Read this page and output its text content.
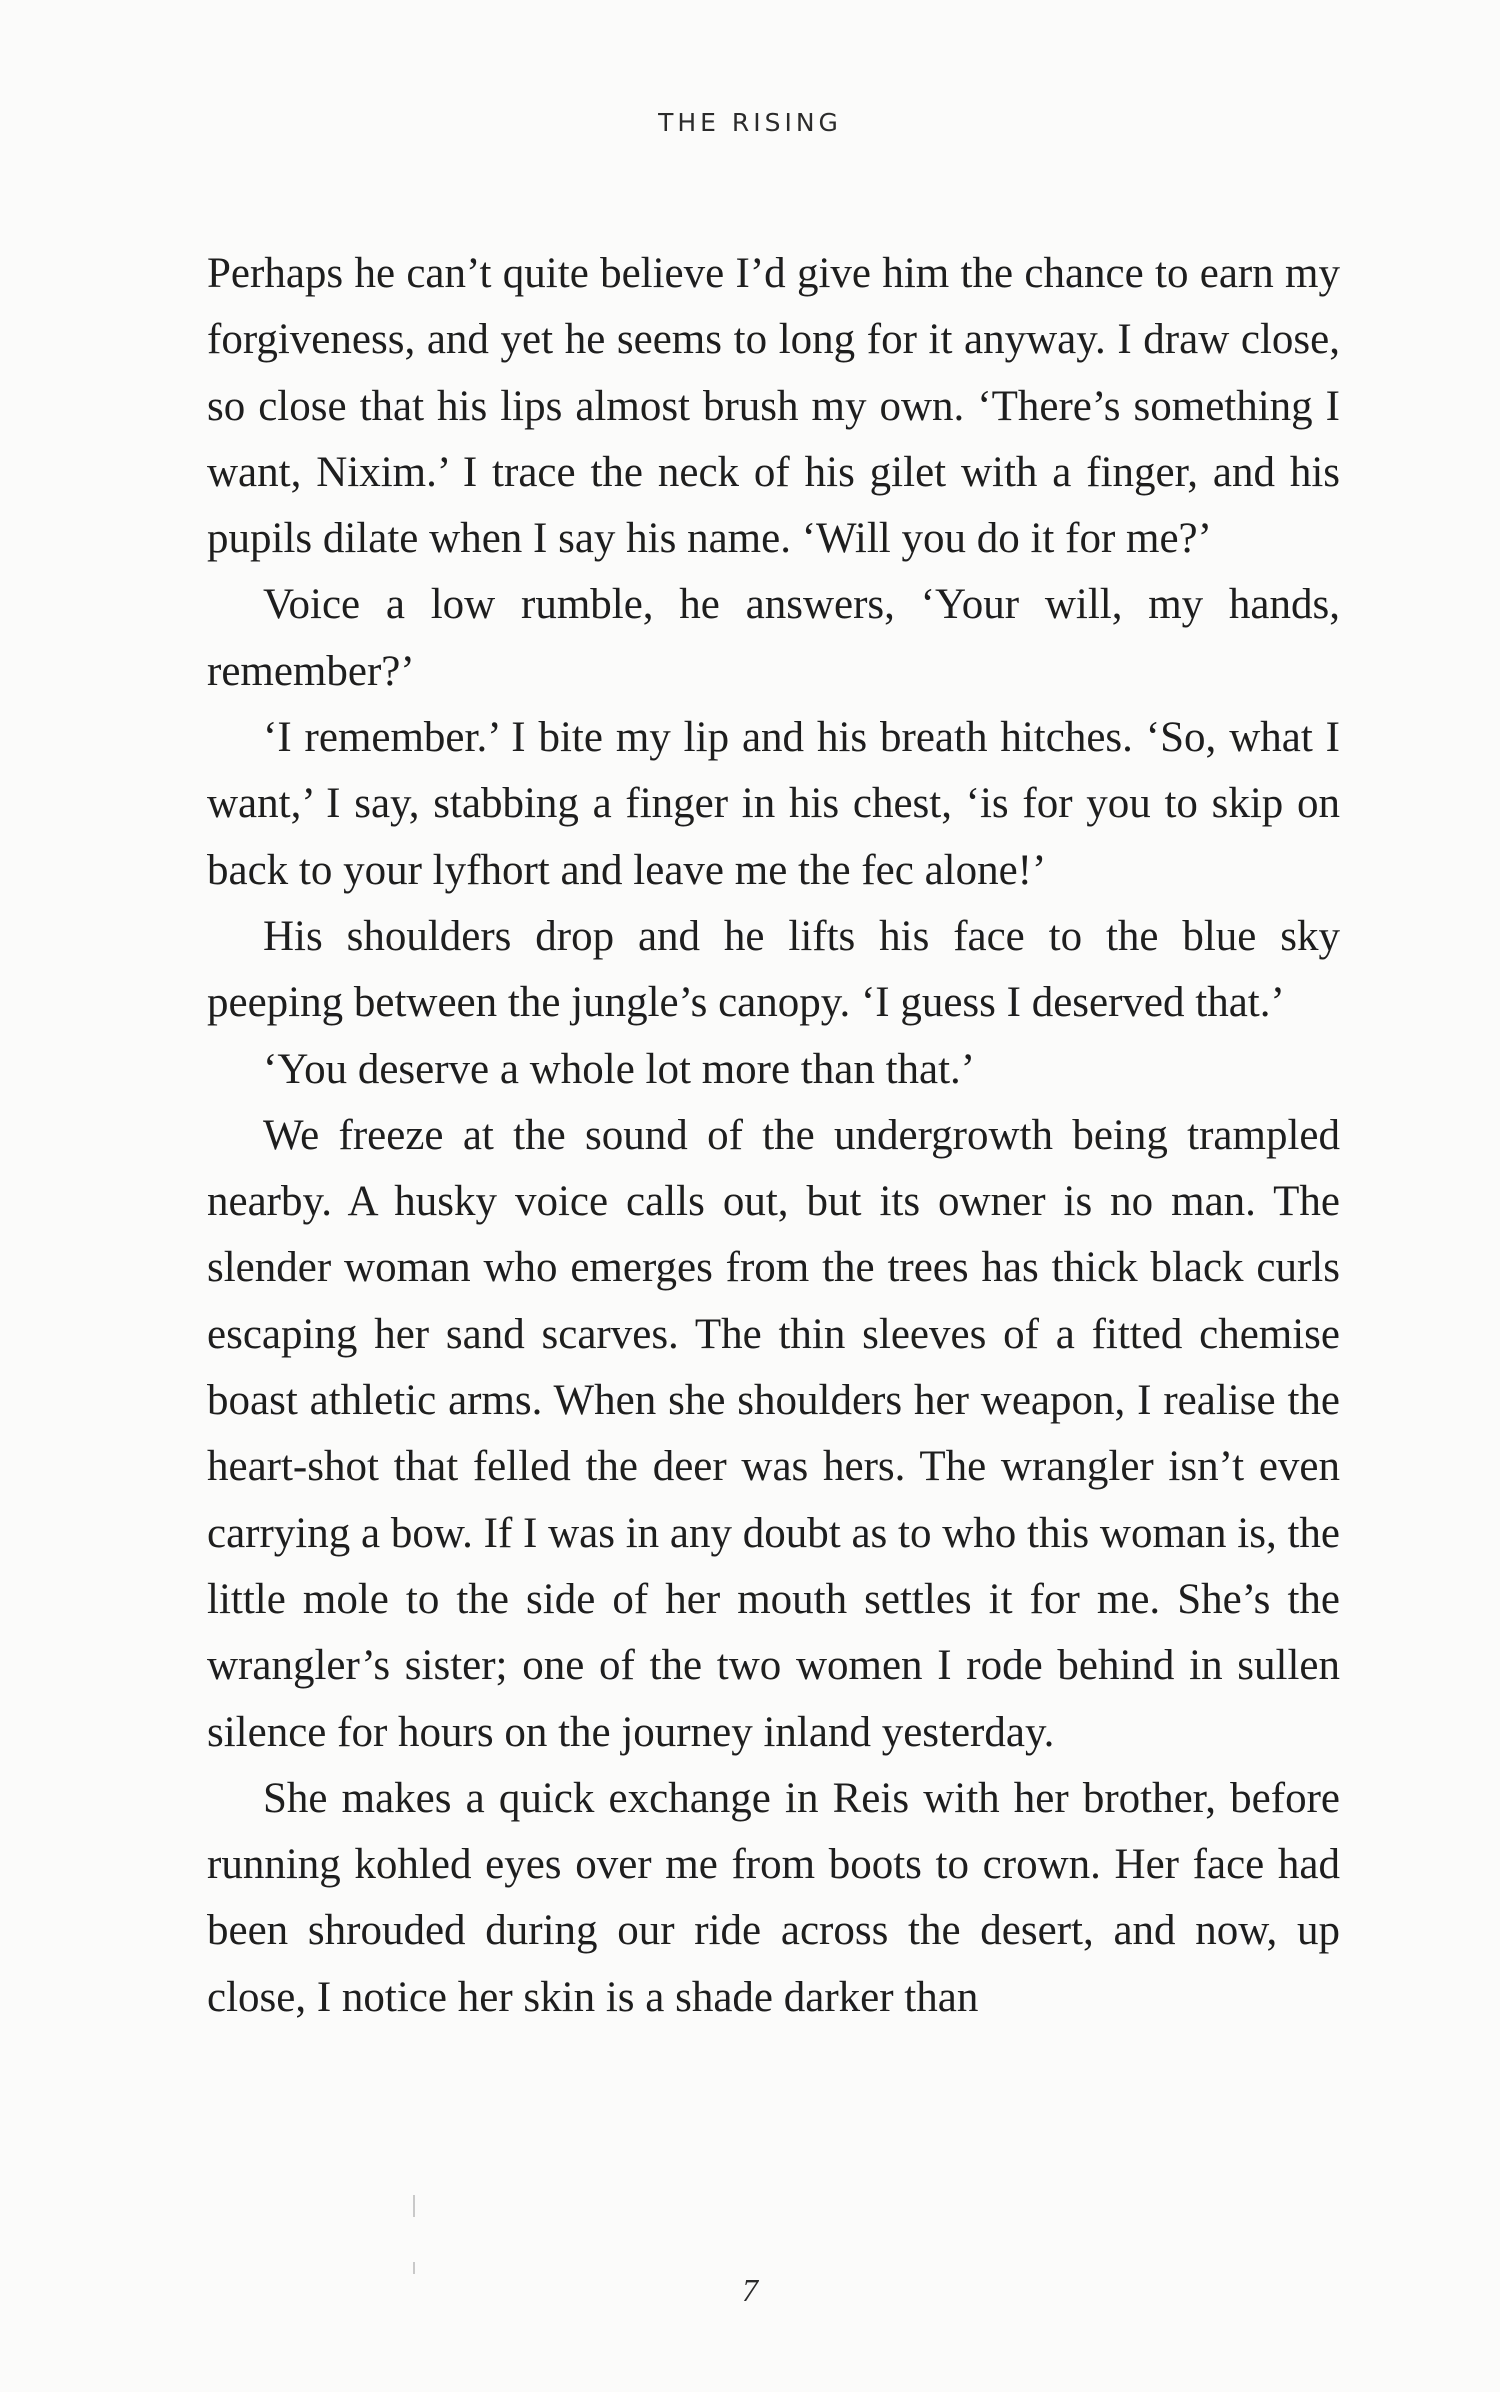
THE RISING

Perhaps he can’t quite believe I’d give him the chance to earn my forgiveness, and yet he seems to long for it anyway. I draw close, so close that his lips almost brush my own. ‘There’s something I want, Nixim.’ I trace the neck of his gilet with a finger, and his pupils dilate when I say his name. ‘Will you do it for me?’

Voice a low rumble, he answers, ‘Your will, my hands, remember?’

‘I remember.’ I bite my lip and his breath hitches. ‘So, what I want,’ I say, stabbing a finger in his chest, ‘is for you to skip on back to your lyfhort and leave me the fec alone!’

His shoulders drop and he lifts his face to the blue sky peeping between the jungle’s canopy. ‘I guess I deserved that.’

‘You deserve a whole lot more than that.’

We freeze at the sound of the undergrowth being trampled nearby. A husky voice calls out, but its owner is no man. The slender woman who emerges from the trees has thick black curls escaping her sand scarves. The thin sleeves of a fitted chemise boast athletic arms. When she shoulders her weapon, I realise the heart-shot that felled the deer was hers. The wrangler isn’t even carrying a bow. If I was in any doubt as to who this woman is, the little mole to the side of her mouth settles it for me. She’s the wrangler’s sister; one of the two women I rode behind in sullen silence for hours on the journey inland yesterday.

She makes a quick exchange in Reis with her brother, before running kohled eyes over me from boots to crown. Her face had been shrouded during our ride across the desert, and now, up close, I notice her skin is a shade darker than

7
